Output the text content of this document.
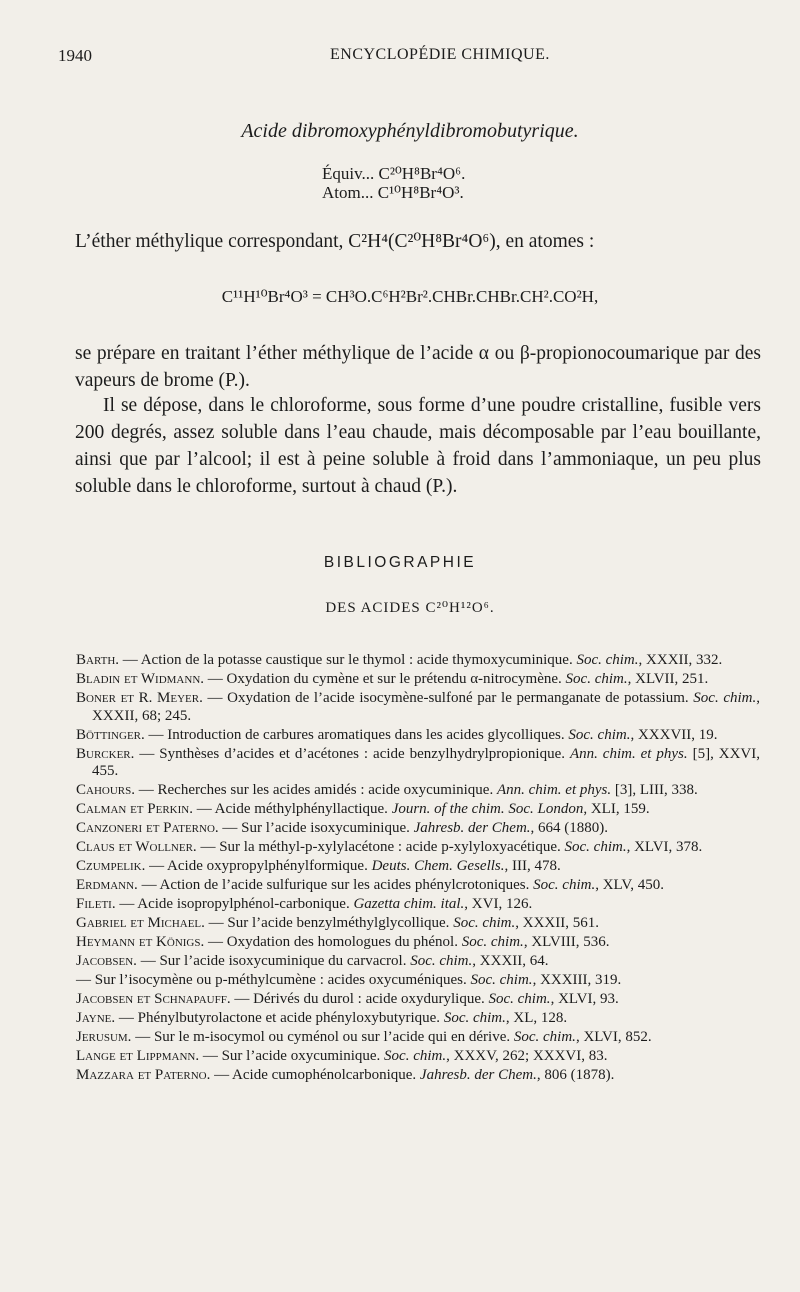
1940	ENCYCLOPÉDIE CHIMIQUE.
Acide dibromoxyphényldibromobutyrique.
Équiv... C²⁰H⁸Br⁴O⁶.
Atom... C¹⁰H⁸Br⁴O³.
L’éther méthylique correspondant, C²H⁴(C²⁰H⁸Br⁴O⁶), en atomes :
C¹¹H¹⁰Br⁴O³ = CH³O.C⁶H²Br².CHBr.CHBr.CH².CO²H,
se prépare en traitant l’éther méthylique de l’acide α ou β-propionocoumarique par des vapeurs de brome (P.).
Il se dépose, dans le chloroforme, sous forme d’une poudre cristalline, fusible vers 200 degrés, assez soluble dans l’eau chaude, mais décomposable par l’eau bouillante, ainsi que par l’alcool; il est à peine soluble à froid dans l’ammoniaque, un peu plus soluble dans le chloroforme, surtout à chaud (P.).
BIBLIOGRAPHIE
DES ACIDES C²⁰H¹²O⁶.
Barth. — Action de la potasse caustique sur le thymol : acide thymoxycuminique. Soc. chim., XXXII, 332.
Bladin et Widmann. — Oxydation du cymène et sur le prétendu α-nitrocymène. Soc. chim., XLVII, 251.
Boner et R. Meyer. — Oxydation de l’acide isocymène-sulfoné par le permanganate de potassium. Soc. chim., XXXII, 68; 245.
Böttinger. — Introduction de carbures aromatiques dans les acides glycolliques. Soc. chim., XXXVII, 19.
Burcker. — Synthèses d’acides et d’acétones : acide benzylhydrylpropionique. Ann. chim. et phys. [5], XXVI, 455.
Cahours. — Recherches sur les acides amidés : acide oxycuminique. Ann. chim. et phys. [3], LIII, 338.
Calman et Perkin. — Acide méthylphényllactique. Journ. of the chim. Soc. London, XLI, 159.
Canzoneri et Paterno. — Sur l’acide isoxycuminique. Jahresb. der Chem., 664 (1880).
Claus et Wollner. — Sur la méthyl-p-xylylacétone : acide p-xylyloxyacétique. Soc. chim., XLVI, 378.
Czumpelik. — Acide oxypropylphénylformique. Deuts. Chem. Gesells., III, 478.
Erdmann. — Action de l’acide sulfurique sur les acides phénylcrotoniques. Soc. chim., XLV, 450.
Fileti. — Acide isopropylphénol-carbonique. Gazetta chim. ital., XVI, 126.
Gabriel et Michael. — Sur l’acide benzylméthylglycollique. Soc. chim., XXXII, 561.
Heymann et Königs. — Oxydation des homologues du phénol. Soc. chim., XLVIII, 536.
Jacobsen. — Sur l’acide isoxycuminique du carvacrol. Soc. chim., XXXII, 64.
— Sur l’isocymène ou p-méthylcumène : acides oxycuméniques. Soc. chim., XXXIII, 319.
Jacobsen et Schnapauff. — Dérivés du durol : acide oxydurylique. Soc. chim., XLVI, 93.
Jayne. — Phénylbutyrolactone et acide phényloxybutyrique. Soc. chim., XL, 128.
Jerusum. — Sur le m-isocymol ou cyménol ou sur l’acide qui en dérive. Soc. chim., XLVI, 852.
Lange et Lippmann. — Sur l’acide oxycuminique. Soc. chim., XXXV, 262; XXXVI, 83.
Mazzara et Paterno. — Acide cumophénolcarbonique. Jahresb. der Chem., 806 (1878).
